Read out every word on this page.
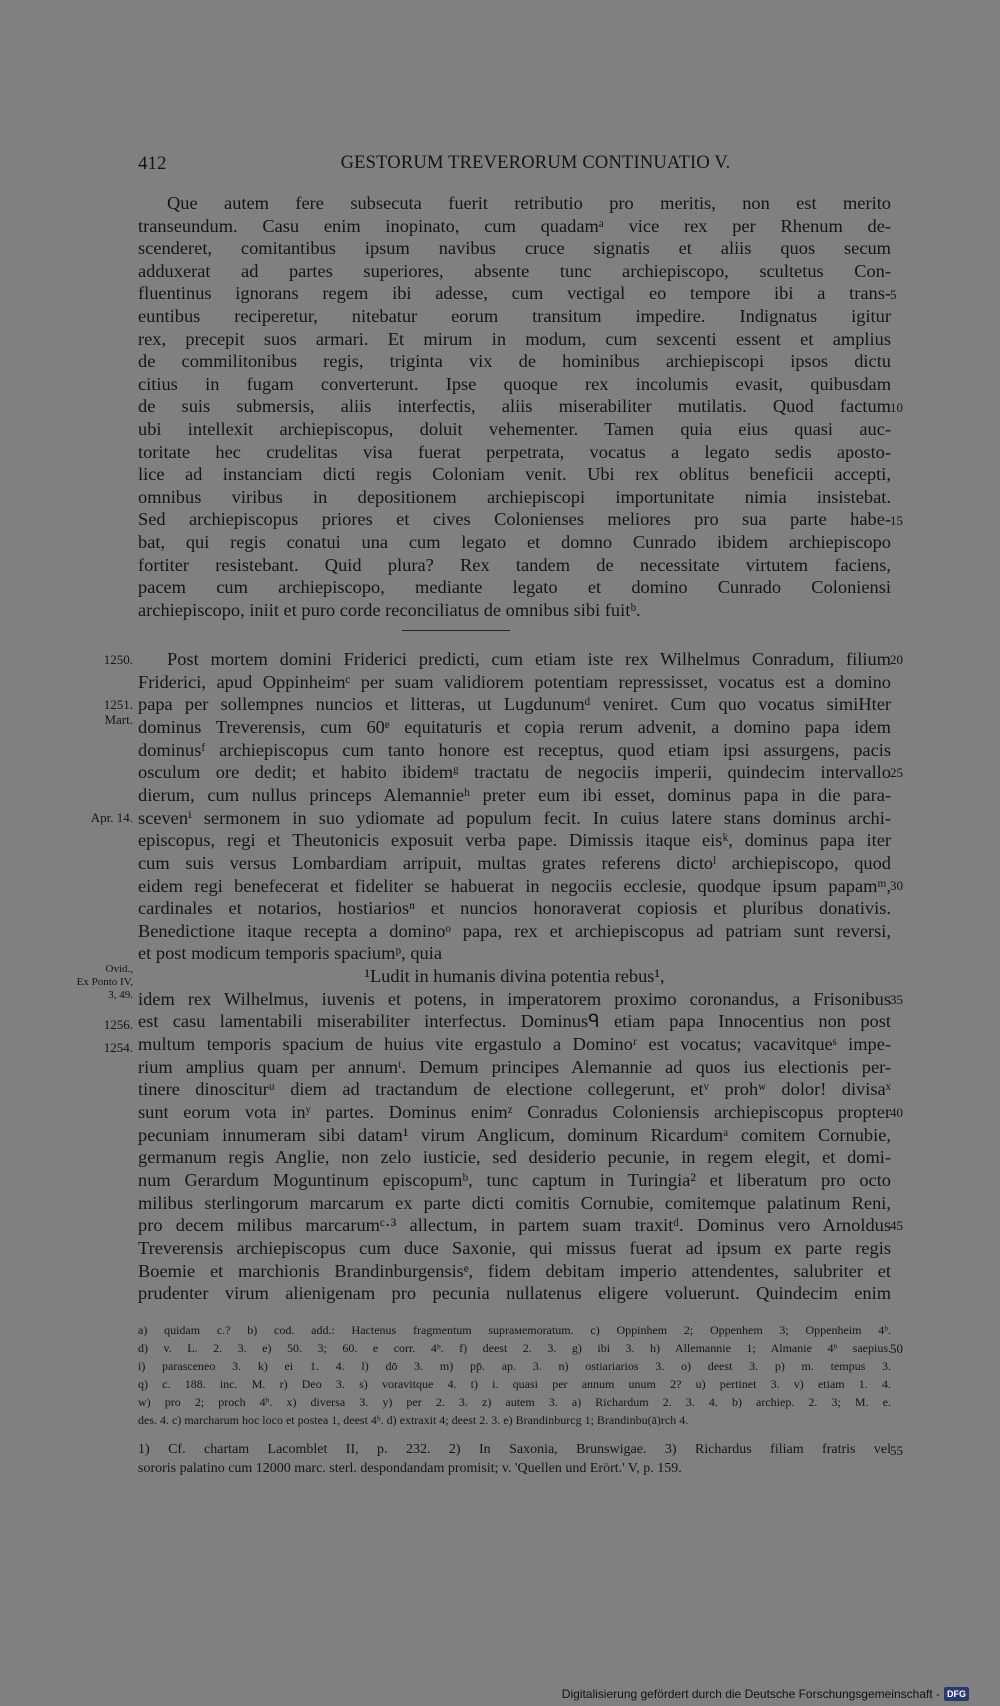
412	GESTORUM TREVERORUM CONTINUATIO V.
Que autem fere subsecuta fuerit retributio pro meritis, non est merito
transeundum. Casu enim inopinato, cum quadamᵃ vice rex per Rhenum de-
scenderet, comitantibus ipsum navibus cruce signatis et aliis quos secum
adduxerat ad partes superiores, absente tunc archiepiscopo, scultetus Con-
fluentinus ignorans regem ibi adesse, cum vectigal eo tempore ibi a trans-
euntibus reciperetur, nitebatur eorum transitum impedire. Indignatus igitur
rex, precepit suos armari. Et mirum in modum, cum sexcenti essent et amplius
de commilitonibus regis, triginta vix de hominibus archiepiscopi ipsos dictu
citius in fugam converterunt. Ipse quoque rex incolumis evasit, quibusdam
de suis submersis, aliis interfectis, aliis miserabiliter mutilatis. Quod factum
ubi intellexit archiepiscopus, doluit vehementer. Tamen quia eius quasi auc-
toritate hec crudelitas visa fuerat perpetrata, vocatus a legato sedis aposto-
lice ad instanciam dicti regis Coloniam venit. Ubi rex oblitus beneficii accepti,
omnibus viribus in depositionem archiepiscopi importunitate nimia insistebat.
Sed archiepiscopus priores et cives Colonienses meliores pro sua parte habe-
bat, qui regis conatui una cum legato et domno Cunrado ibidem archiepiscopo
fortiter resistebant. Quid plura? Rex tandem de necessitate virtutem faciens,
pacem cum archiepiscopo, mediante legato et domino Cunrado Coloniensi
archiepiscopo, iniit et puro corde reconciliatus de omnibus sibi fuitᵇ.
Post mortem domini Friderici predicti, cum etiam iste rex Wilhelmus Conradum, filium
Friderici, apud Oppinheimᶜ per suam validiorem potentiam repressisset, vocatus est a domino
papa per sollempnes nuncios et litteras, ut Lugdunumᵈ veniret. Cum quo vocatus simiHter
dominus Treverensis, cum 60ᵉ equitaturis et copia rerum advenit, a domino papa idem
dominusᶠ archiepiscopus cum tanto honore est receptus, quod etiam ipsi assurgens, pacis
osculum ore dedit; et habito ibidemᵍ tractatu de negociis imperii, quindecim intervallo
dierum, cum nullus princeps Alemannieʰ preter eum ibi esset, dominus papa in die para-
scevenⁱ sermonem in suo ydiomate ad populum fecit. In cuius latere stans dominus archi-
episcopus, regi et Theutonicis exposuit verba pape. Dimissis itaque eisᵏ, dominus papa iter
cum suis versus Lombardiam arripuit, multas grates referens dictoˡ archiepiscopo, quod
eidem regi benefecerat et fideliter se habuerat in negociis ecclesie, quodque ipsum papamᵐ,
cardinales et notarios, hostiariosⁿ et nuncios honoraverat copiosis et pluribus donativis.
Benedictione itaque recepta a dominoᵒ papa, rex et archiepiscopus ad patriam sunt reversi,
et post modicum temporis spaciumᵖ, quia
¹Ludit in humanis divina potentia rebus¹,
idem rex Wilhelmus, iuvenis et potens, in imperatorem proximo coronandus, a Frisonibus
est casu lamentabili miserabiliter interfectus. Dominusᑫ etiam papa Innocentius non post
multum temporis spacium de huius vite ergastulo a Dominoʳ est vocatus; vacavitqueˢ impe-
rium amplius quam per annumᵗ. Demum principes Alemannie ad quos ius electionis per-
tinere dinosciturᵘ diem ad tractandum de electione collegerunt, etᵛ prohʷ dolor! divisaˣ
sunt eorum vota inʸ partes. Dominus enimᶻ Conradus Coloniensis archiepiscopus propter
pecuniam innumeram sibi datam¹ virum Anglicum, dominum Ricardumᵃ comitem Cornubie,
germanum regis Anglie, non zelo iusticie, sed desiderio pecunie, in regem elegit, et domi-
num Gerardum Moguntinum episcopumᵇ, tunc captum in Turingia² et liberatum pro octo
milibus sterlingorum marcarum ex parte dicti comitis Cornubie, comitemque palatinum Reni,
pro decem milibus marcarumᶜ·³ allectum, in partem suam traxitᵈ. Dominus vero Arnoldus
Treverensis archiepiscopus cum duce Saxonie, qui missus fuerat ad ipsum ex parte regis
Boemie et marchionis Brandinburgensisᵉ, fidem debitam imperio attendentes, salubriter et
prudenter virum alienigenam pro pecunia nullatenus eligere voluerunt. Quindecim enim
5
10
15
20
25
30
35
40
45
1250.
1251.
Mart.
Apr. 14.
Ovid.,
Ex Ponto IV,
3, 49.
1256.
1254.
a) quidam c.? b) cod. add.: Hactenus fragmentum suprамemoratum. c) Oppinhem 2; Oppenhem 3; Oppenheim 4ᵇ.
d) v. L. 2. 3. e) 50. 3; 60. e corr. 4ᵇ. f) deest 2. 3. g) ibi 3. h) Allemannie 1; Almanie 4ᵇ saepius.
i) parasceneo 3. k) ei 1. 4. l) dō 3. m) pp̄. ap. 3. n) ostiariarios 3. o) deest 3. p) m. tempus 3.
q) c. 188. inc. M. r) Deo 3. s) voravitque 4. t) i. quasi per annum unum 2? u) pertinet 3. v) etiam 1. 4.
w) pro 2; proch 4ᵇ. x) diversa 3. y) per 2. 3. z) autem 3. a) Richardum 2. 3. 4. b) archiep. 2. 3; M. e.
des. 4. c) marcharum hoc loco et postea 1, deest 4ᵇ. d) extraxit 4; deest 2. 3. e) Brandinburcg 1; Brandinbu(ā)rch 4.
50
1) Cf. chartam Lacomblet II, p. 232. 2) In Saxonia, Brunswigae. 3) Richardus filiam fratris vel
sororis palatino cum 12000 marc. sterl. despondandam promisit; v. 'Quellen und Erört.' V, p. 159.
55
Digitalisierung gefördert durch die Deutsche Forschungsgemeinschaft - DFG
